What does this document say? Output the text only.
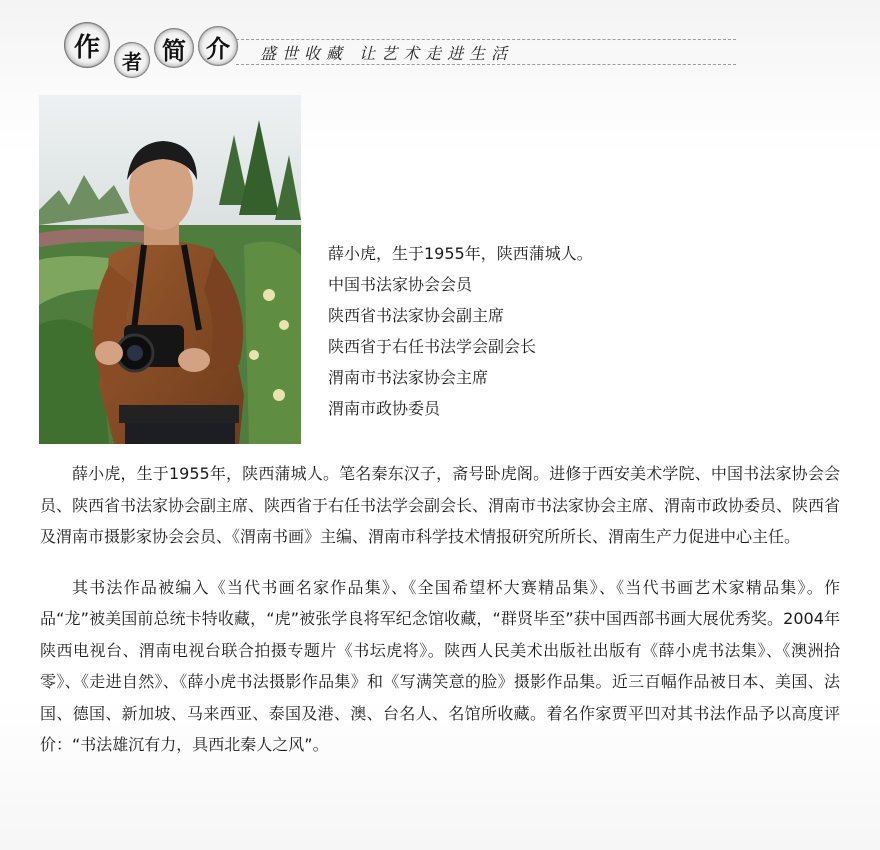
作	者 简 介	盛世收藏 让艺术走进生活
薛小虎，生于1955年，陕西蒲城人。
中国书法家协会会员
陕西省书法家协会副主席
陕西省于右任书法学会副会长
渭南市书法家协会主席
渭南市政协委员

薛小虎，生于1955年，陕西蒲城人。笔名秦东汉子，斋号卧虎阁。进修于西安美术学院、中国书法家协会会员、陕西省书法家协会副主席、陕西省于右任书法学会副会长、渭南市书法家协会主席、渭南市政协委员、陕西省及渭南市摄影家协会会员、《渭南书画》主编、渭南市科学技术情报研究所所长、渭南生产力促进中心主任。

其书法作品被编入《当代书画名家作品集》、《全国希望杯大赛精品集》、《当代书画艺术家精品集》。作品“龙”被美国前总统卡特收藏，“虎”被张学良将军纪念馆收藏，“群贤毕至”获中国西部书画大展优秀奖。2004年陕西电视台、渭南电视台联合拍摄专题片《书坛虎将》。陕西人民美术出版社出版有《薛小虎书法集》、《澳洲拾零》、《走进自然》、《薛小虎书法摄影作品集》和《写满笑意的脸》摄影作品集。近三百幅作品被日本、美国、法国、德国、新加坡、马来西亚、泰国及港、澳、台名人、名馆所收藏。着名作家贾平凹对其书法作品予以高度评价：“书法雄沉有力，具西北秦人之风”。
